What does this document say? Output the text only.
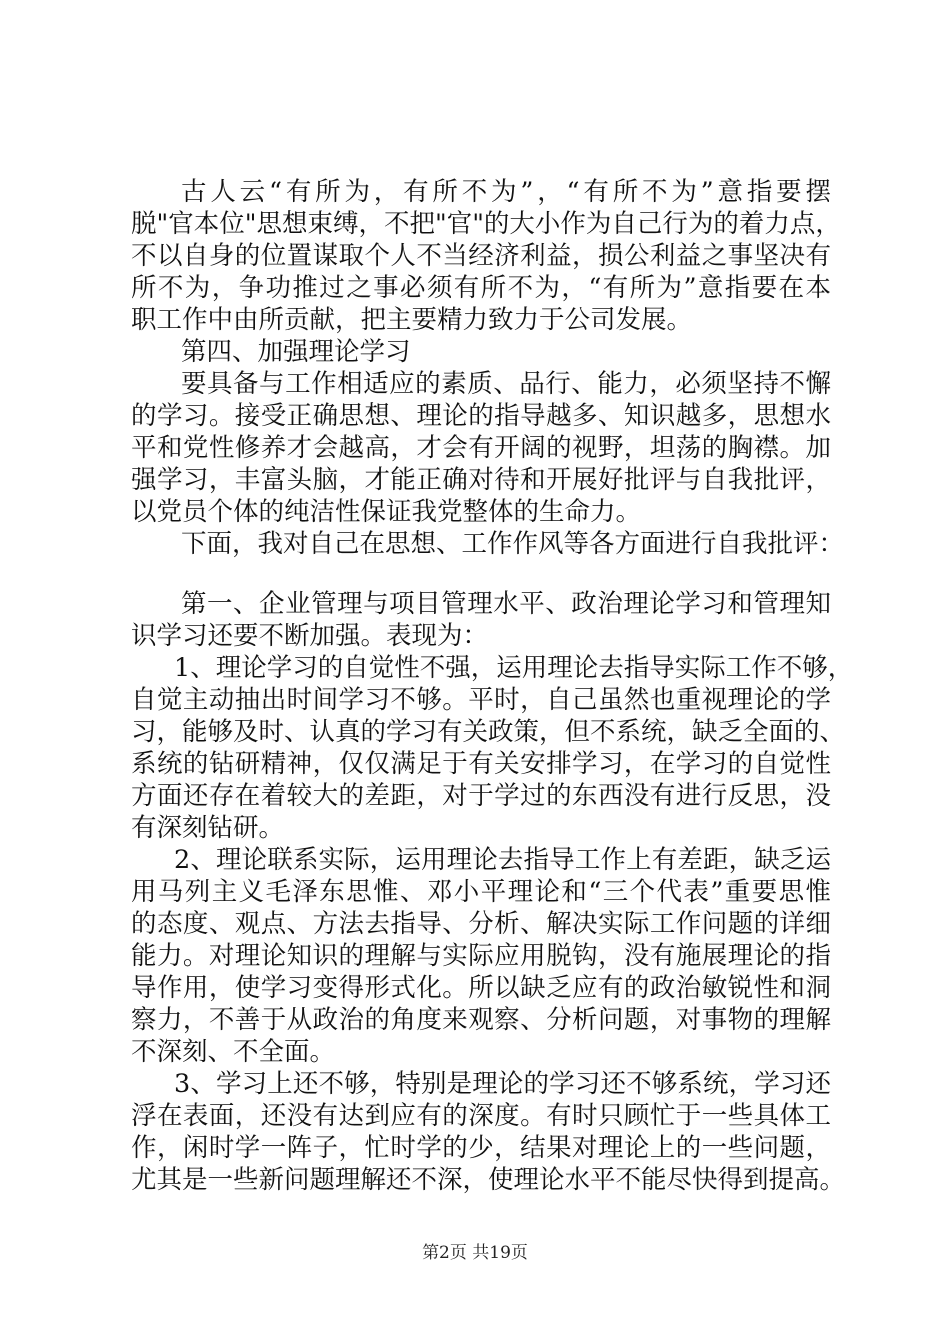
古人云“有所为，有所不为”，“有所不为”意指要摆
脱"官本位"思想束缚，不把"官"的大小作为自己行为的着力点，
不以自身的位置谋取个人不当经济利益，损公利益之事坚决有
所不为，争功推过之事必须有所不为，“有所为”意指要在本
职工作中由所贡献，把主要精力致力于公司发展。
第四、加强理论学习
要具备与工作相适应的素质、品行、能力，必须坚持不懈
的学习。接受正确思想、理论的指导越多、知识越多，思想水
平和党性修养才会越高，才会有开阔的视野，坦荡的胸襟。加
强学习，丰富头脑，才能正确对待和开展好批评与自我批评，
以党员个体的纯洁性保证我党整体的生命力。
下面，我对自己在思想、工作作风等各方面进行自我批评：
第一、企业管理与项目管理水平、政治理论学习和管理知
识学习还要不断加强。表现为：
1、理论学习的自觉性不强，运用理论去指导实际工作不够，
自觉主动抽出时间学习不够。平时，自己虽然也重视理论的学
习，能够及时、认真的学习有关政策，但不系统，缺乏全面的、
系统的钻研精神，仅仅满足于有关安排学习，在学习的自觉性
方面还存在着较大的差距，对于学过的东西没有进行反思，没
有深刻钻研。
2、理论联系实际，运用理论去指导工作上有差距，缺乏运
用马列主义毛泽东思惟、邓小平理论和“三个代表”重要思惟
的态度、观点、方法去指导、分析、解决实际工作问题的详细
能力。对理论知识的理解与实际应用脱钩，没有施展理论的指
导作用，使学习变得形式化。所以缺乏应有的政治敏锐性和洞
察力，不善于从政治的角度来观察、分析问题，对事物的理解
不深刻、不全面。
3、学习上还不够，特别是理论的学习还不够系统，学习还
浮在表面，还没有达到应有的深度。有时只顾忙于一些具体工
作，闲时学一阵子，忙时学的少，结果对理论上的一些问题，
尤其是一些新问题理解还不深，使理论水平不能尽快得到提高。
第2页 共19页
